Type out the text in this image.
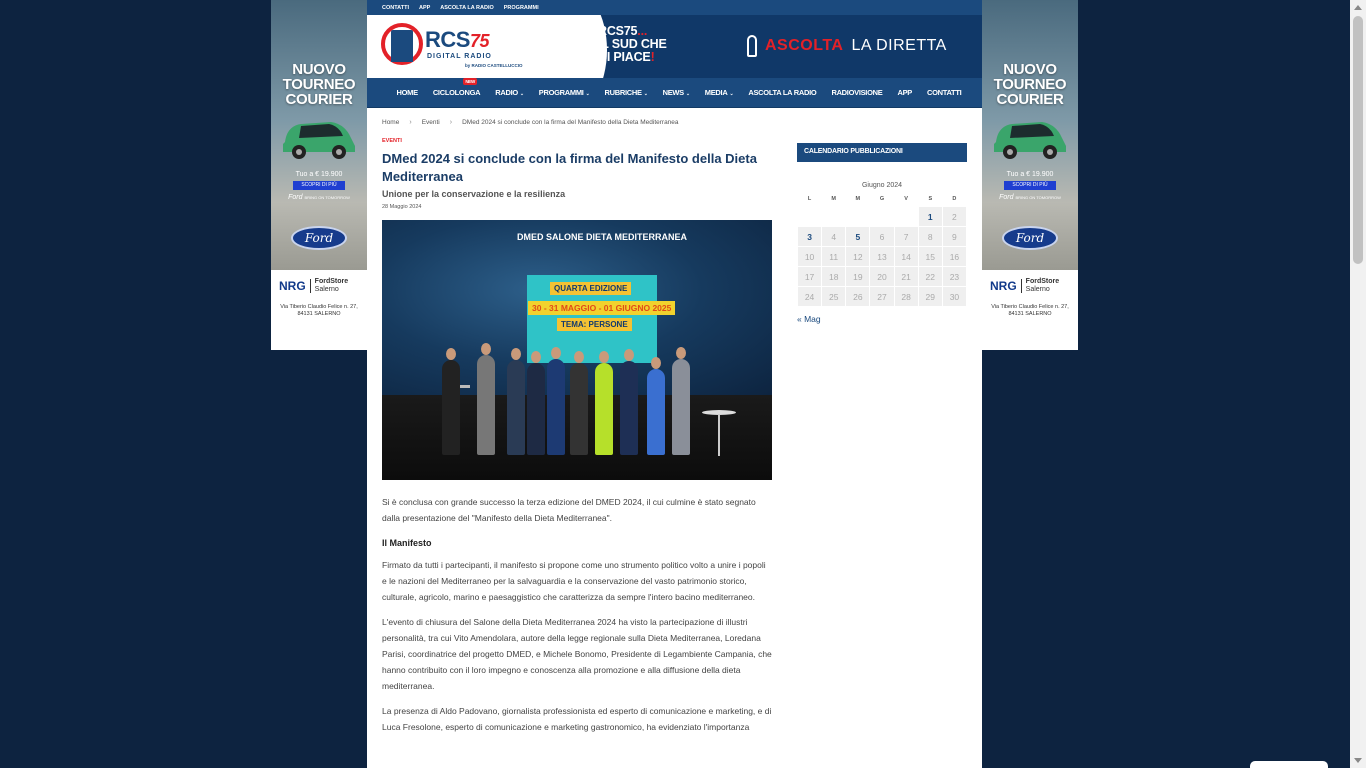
NUOVO
TOURNEO
COURIER
Tuo a € 19.900
SCOPRI DI PIÙ
Ford BRING ON TOMORROW
Ford
NRG FordStore
Salerno
Via Tiberio Claudio Felice n. 27,
84131 SALERNO
NUOVO
TOURNEO
COURIER
Tuo a € 19.900
SCOPRI DI PIÙ
Ford BRING ON TOMORROW
Ford
NRG FordStore
Salerno
Via Tiberio Claudio Felice n. 27,
84131 SALERNO
CONTATTI APP ASCOLTA LA RADIO PROGRAMMI
RCS75
DIGITAL RADIO
by RADIO CASTELLUCCIO
RCS75...
IL SUD CHE
CI PIACE!
ASCOLTA LA DIRETTA
HOME	CICLOLONGA
NEW
RADIO ⌄	PROGRAMMI ⌄	RUBRICHE ⌄	NEWS ⌄	MEDIA ⌄	ASCOLTA LA RADIO	RADIOVISIONE	APP	CONTATTI
Home › Eventi › DMed 2024 si conclude con la firma del Manifesto della Dieta Mediterranea
EVENTI
DMed 2024 si conclude con la firma del Manifesto della Dieta Mediterranea
Unione per la conservazione e la resilienza
28 Maggio 2024
DMED SALONE DIETA MEDITERRANEA
QUARTA EDIZIONE
30 - 31 MAGGIO - 01 GIUGNO 2025
TEMA: PERSONE

Si è conclusa con grande successo la terza edizione del DMED 2024, il cui culmine è stato segnato dalla presentazione del "Manifesto della Dieta Mediterranea".

Il Manifesto

Firmato da tutti i partecipanti, il manifesto si propone come uno strumento politico volto a unire i popoli e le nazioni del Mediterraneo per la salvaguardia e la conservazione del vasto patrimonio storico, culturale, agricolo, marino e paesaggistico che caratterizza da sempre l'intero bacino mediterraneo.

L'evento di chiusura del Salone della Dieta Mediterranea 2024 ha visto la partecipazione di illustri personalità, tra cui Vito Amendolara, autore della legge regionale sulla Dieta Mediterranea, Loredana Parisi, coordinatrice del progetto DMED, e Michele Bonomo, Presidente di Legambiente Campania, che hanno contribuito con il loro impegno e conoscenza alla promozione e alla diffusione della dieta mediterranea.

La presenza di Aldo Padovano, giornalista professionista ed esperto di comunicazione e marketing, e di Luca Fresolone, esperto di comunicazione e marketing gastronomico, ha evidenziato l'importanza

CALENDARIO PUBBLICAZIONI
Giugno 2024
L	M	M	G	V	S	D
					1	2
3	4	5	6	7	8	9
10	11	12	13	14	15	16
17	18	19	20	21	22	23
24	25	26	27	28	29	30
« Mag
